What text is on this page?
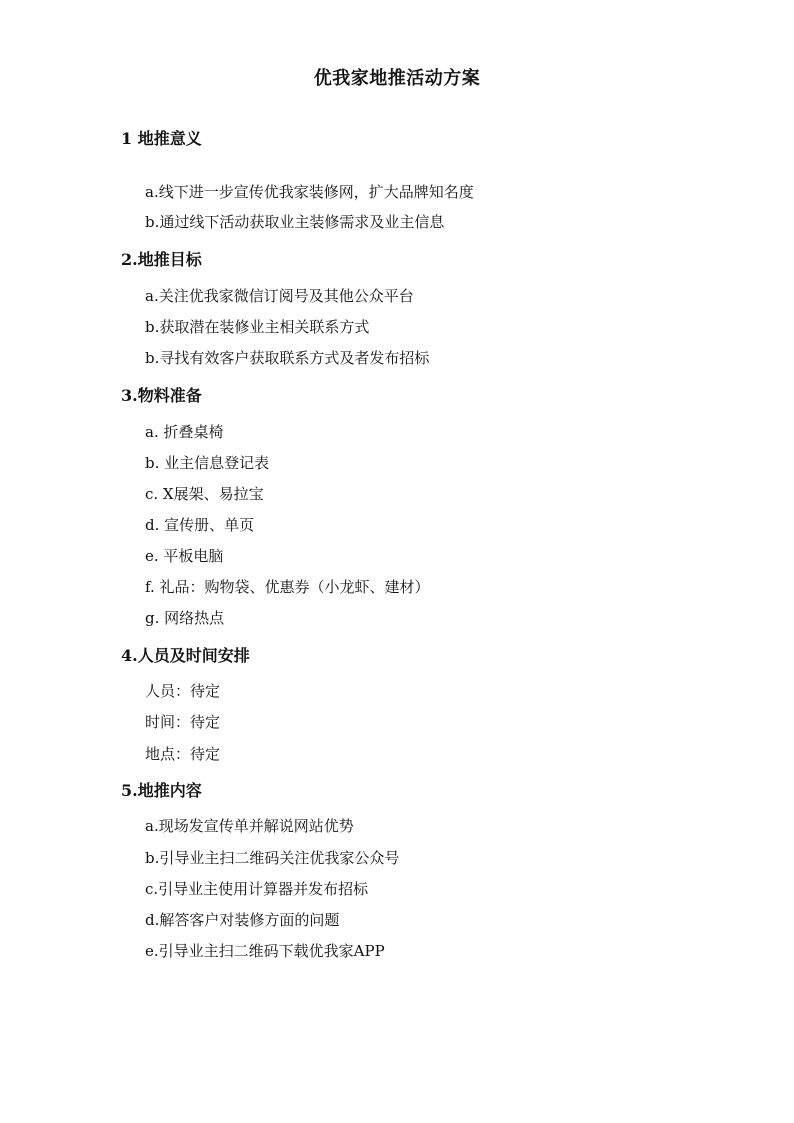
优我家地推活动方案
1 地推意义
a.线下进一步宣传优我家装修网，扩大品牌知名度
b.通过线下活动获取业主装修需求及业主信息
2.地推目标
a.关注优我家微信订阅号及其他公众平台
b.获取潜在装修业主相关联系方式
b.寻找有效客户获取联系方式及者发布招标
3.物料准备
a. 折叠桌椅
b. 业主信息登记表
c. X展架、易拉宝
d. 宣传册、单页
e. 平板电脑
f. 礼品：购物袋、优惠券（小龙虾、建材）
g. 网络热点
4.人员及时间安排
人员：待定
时间：待定
地点：待定
5.地推内容
a.现场发宣传单并解说网站优势
b.引导业主扫二维码关注优我家公众号
c.引导业主使用计算器并发布招标
d.解答客户对装修方面的问题
e.引导业主扫二维码下载优我家APP
